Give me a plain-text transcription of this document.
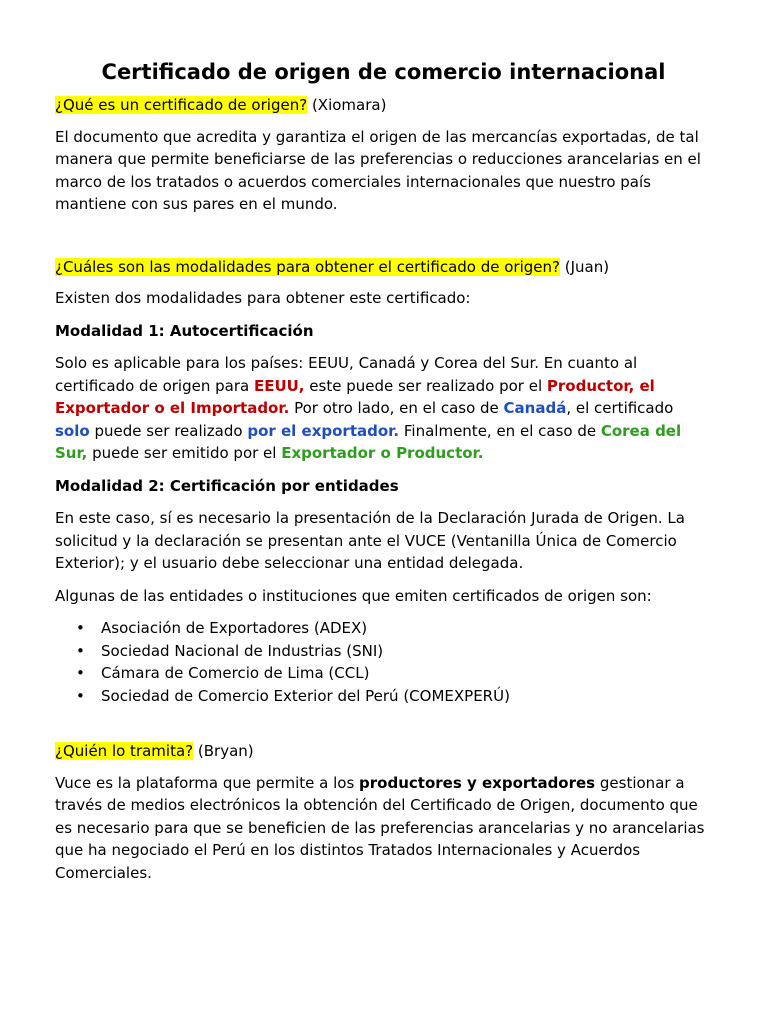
Certificado de origen de comercio internacional

¿Qué es un certificado de origen? (Xiomara)

El documento que acredita y garantiza el origen de las mercancías exportadas, de tal manera que permite beneficiarse de las preferencias o reducciones arancelarias en el marco de los tratados o acuerdos comerciales internacionales que nuestro país mantiene con sus pares en el mundo.

¿Cuáles son las modalidades para obtener el certificado de origen? (Juan)

Existen dos modalidades para obtener este certificado:

Modalidad 1: Autocertificación

Solo es aplicable para los países: EEUU, Canadá y Corea del Sur. En cuanto al certificado de origen para EEUU, este puede ser realizado por el Productor, el Exportador o el Importador. Por otro lado, en el caso de Canadá, el certificado solo puede ser realizado por el exportador. Finalmente, en el caso de Corea del Sur, puede ser emitido por el Exportador o Productor.

Modalidad 2: Certificación por entidades

En este caso, sí es necesario la presentación de la Declaración Jurada de Origen. La solicitud y la declaración se presentan ante el VUCE (Ventanilla Única de Comercio Exterior); y el usuario debe seleccionar una entidad delegada.

Algunas de las entidades o instituciones que emiten certificados de origen son:

• Asociación de Exportadores (ADEX)
• Sociedad Nacional de Industrias (SNI)
• Cámara de Comercio de Lima (CCL)
• Sociedad de Comercio Exterior del Perú (COMEXPERÚ)

¿Quién lo tramita? (Bryan)

Vuce es la plataforma que permite a los productores y exportadores gestionar a través de medios electrónicos la obtención del Certificado de Origen, documento que es necesario para que se beneficien de las preferencias arancelarias y no arancelarias que ha negociado el Perú en los distintos Tratados Internacionales y Acuerdos Comerciales.
